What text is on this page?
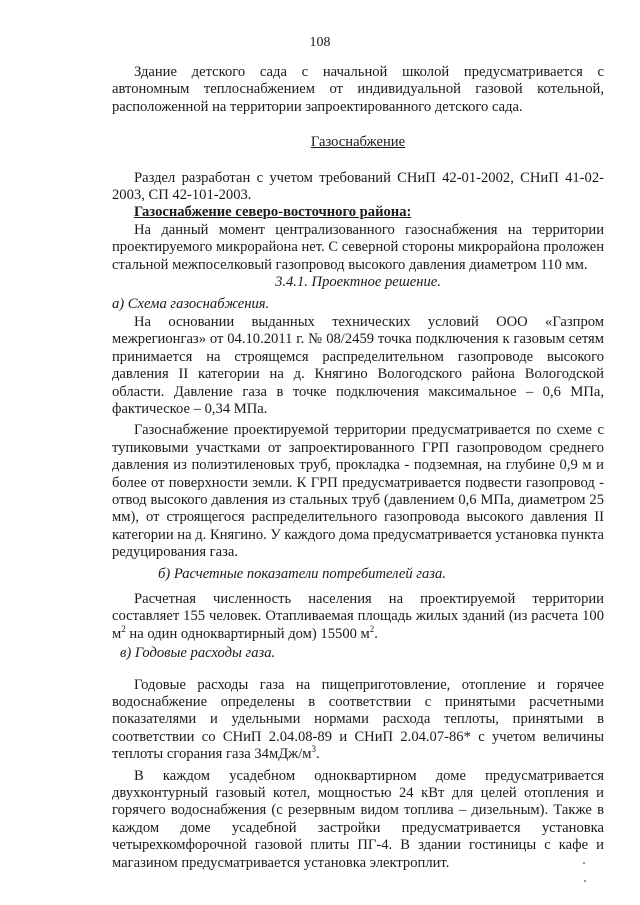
108

Здание детского сада с начальной школой предусматривается с автономным теплоснабжением от индивидуальной газовой котельной, расположенной на территории запроектированного детского сада.

Газоснабжение

Раздел разработан с учетом требований СНиП 42-01-2002, СНиП 41-02-2003, СП 42-101-2003.

Газоснабжение северо-восточного района:

На данный момент централизованного газоснабжения на территории проектируемого микрорайона нет. С северной стороны микрорайона проложен стальной межпоселковый газопровод высокого давления диаметром 110 мм.

3.4.1. Проектное решение.

а) Схема газоснабжения.

На основании выданных технических условий ООО «Газпром межрегионгаз» от 04.10.2011 г. № 08/2459 точка подключения к газовым сетям принимается на строящемся распределительном газопроводе высокого давления II категории на д. Княгино Вологодского района Вологодской области. Давление газа в точке подключения максимальное – 0,6 МПа, фактическое – 0,34 МПа.

Газоснабжение проектируемой территории предусматривается по схеме с тупиковыми участками от запроектированного ГРП газопроводом среднего давления из полиэтиленовых труб, прокладка - подземная, на глубине 0,9 м и более от поверхности земли. К ГРП предусматривается подвести газопровод - отвод высокого давления из стальных труб (давлением 0,6 МПа, диаметром 25 мм), от строящегося распределительного газопровода высокого давления II категории на д. Княгино. У каждого дома предусматривается установка пункта редуцирования газа.

б) Расчетные показатели потребителей газа.

Расчетная численность населения на проектируемой территории составляет 155 человек. Отапливаемая площадь жилых зданий (из расчета 100 $м^2$ на один одноквартирный дом) 15500 $м^2$.

в) Годовые расходы газа.

Годовые расходы газа на пищеприготовление, отопление и горячее водоснабжение определены в соответствии с принятыми расчетными показателями и удельными нормами расхода теплоты, принятыми в соответствии со СНиП 2.04.08-89 и СНиП 2.04.07-86* с учетом величины теплоты сгорания газа $34мДж/м^3$.

В каждом усадебном одноквартирном доме предусматривается двухконтурный газовый котел, мощностью 24 кВт для целей отопления и горячего водоснабжения (с резервным видом топлива – дизельным). Также в каждом доме усадебной застройки предусматривается установка четырехкомфорочной газовой плиты ПГ-4. В здании гостиницы с кафе и магазином предусматривается установка электроплит.
